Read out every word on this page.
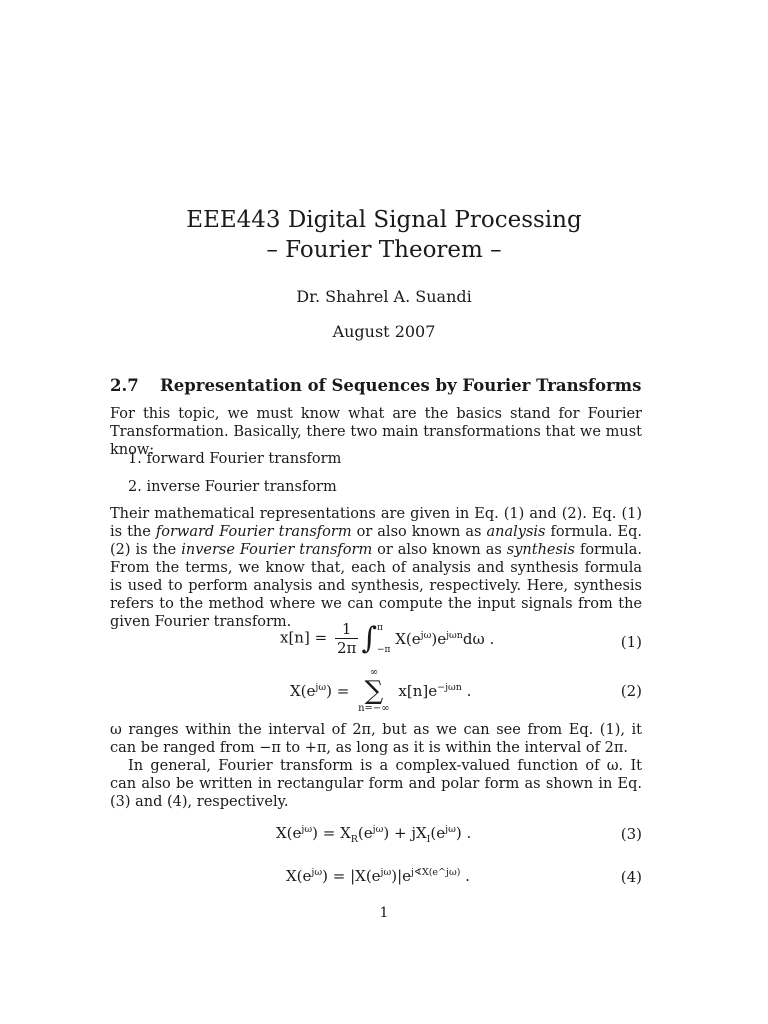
EEE443 Digital Signal Processing
– Fourier Theorem –
Dr. Shahrel A. Suandi
August 2007
2.7 Representation of Sequences by Fourier Transforms

For this topic, we must know what are the basics stand for Fourier Transformation. Basically, there two main transformations that we must know:

1. forward Fourier transform
2. inverse Fourier transform

Their mathematical representations are given in Eq. (1) and (2). Eq. (1) is the forward Fourier transform or also known as analysis formula. Eq. (2) is the inverse Fourier transform or also known as synthesis formula. From the terms, we know that, each of analysis and synthesis formula is used to perform analysis and synthesis, respectively. Here, synthesis refers to the method where we can compute the input signals from the given Fourier transform.

$x[n] = \frac{1}{2\pi}$ ∫ π
−π
$X(e^{j\omega})e^{j\omega n}d\omega$ .	(1)
$X(e^{j\omega})$ =
∞
∑
n=−∞
$x[n]e^{-j\omega n}$ .	(2)

ω ranges within the interval of 2π, but as we can see from Eq. (1), it can be ranged from −π to +π, as long as it is within the interval of 2π.

In general, Fourier transform is a complex-valued function of ω. It can also be written in rectangular form and polar form as shown in Eq. (3) and (4), respectively.

$X(e^{j\omega}) = X_R(e^{j\omega}) + jX_I(e^{j\omega})$ .	(3)
$X(e^{j\omega}) = |X(e^{j\omega})|e^{j∢X(e\^{}j\omega)}$ .	(4)
1
